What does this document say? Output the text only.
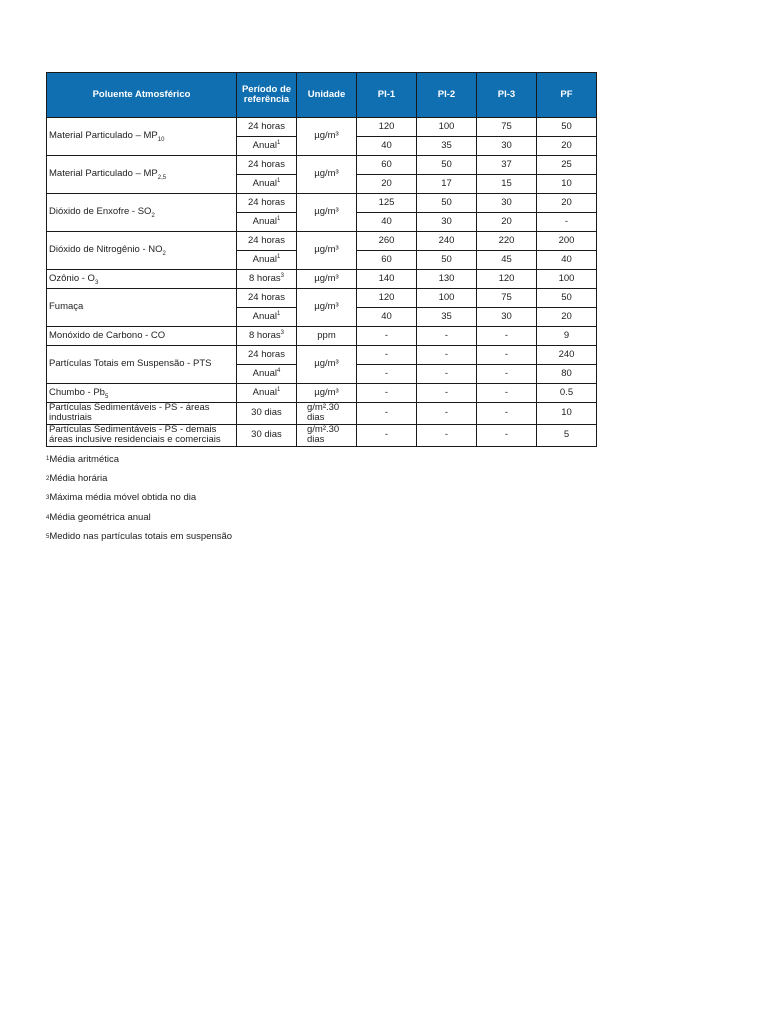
Poluente Atmosférico	Período de referência	Unidade	PI-1	PI-2	PI-3	PF
Material Particulado – $MP_{10}$	24 horas	µg/m³	120	100	75	50
	Anual$^1$		40	35	30	20
Material Particulado – $MP_{2,5}$	24 horas	µg/m³	60	50	37	25
	Anual$^1$		20	17	15	10
Dióxido de Enxofre - $SO_2$	24 horas	µg/m³	125	50	30	20
	Anual$^1$		40	30	20	-
Dióxido de Nitrogênio - $NO_2$	24 horas	µg/m³	260	240	220	200
	Anual$^1$		60	50	45	40
Ozônio - $O_3$	8 horas$^3$	µg/m³	140	130	120	100
Fumaça	24 horas	µg/m³	120	100	75	50
	Anual$^1$		40	35	30	20
Monóxido de Carbono - CO	8 horas$^3$	ppm	-	-	-	9
Partículas Totais em Suspensão - PTS	24 horas	µg/m³	-	-	-	240
	Anual$^4$		-	-	-	80
Chumbo - $Pb_5$	Anual$^1$	µg/m³	-	-	-	0.5
Partículas Sedimentáveis - PS - áreas industriais	30 dias	g/m².30 dias	-	-	-	10
Partículas Sedimentáveis - PS - demais áreas inclusive residenciais e comerciais	30 dias	g/m².30 dias	-	-	-	5
1 Média aritmética
2 Média horária
3 Máxima média móvel obtida no dia
4 Média geométrica anual
5 Medido nas partículas totais em suspensão
